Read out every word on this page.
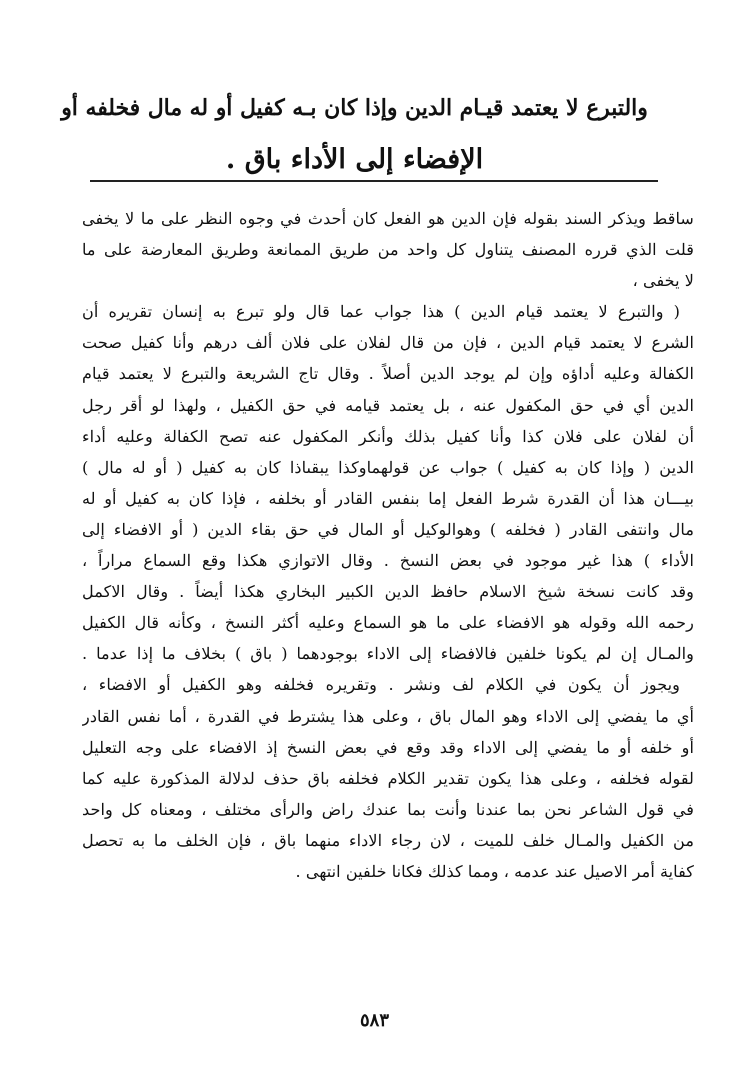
والتبرع لا يعتمد قيـام الدين وإذا كان بـه كفيل أو له مال فخلفه أو
الإفضاء إلى الأداء باق .
ساقط ويذكر السند بقوله فإن الدين هو الفعل كان أحدث في وجوه النظر على ما لا يخفى
قلت الذي قرره المصنف يتناول كل واحد من طريق الممانعة وطريق المعارضة على ما
لا يخفى ،
( والتبرع لا يعتمد قيام الدين ) هذا جواب عما قال ولو تبرع به إنسان تقريره أن
الشرع لا يعتمد قيام الدين ، فإن من قال لفلان على فلان ألف درهم وأنا كفيل صحت
الكفالة وعليه أداؤه وإن لم يوجد الدين أصلاً . وقال تاج الشريعة والتبرع لا يعتمد قيام
الدين أي في حق المكفول عنه ، بل يعتمد قيامه في حق الكفيل ، ولهذا لو أقر رجل
أن لفلان على فلان كذا وأنا كفيل بذلك وأنكر المكفول عنه تصح الكفالة وعليه أداء
الدين ( وإذا كان به كفيل ) جواب عن قولهماوكذا يبقىاذا كان به كفيل ( أو له مال )
بيـــان هذا أن القدرة شرط الفعل إما بنفس القادر أو بخلفه ، فإذا كان به كفيل أو له
مال وانتفى القادر ( فخلفه ) وهوالوكيل أو المال في حق بقاء الدين ( أو الافضاء إلى
الأداء ) هذا غير موجود في بعض النسخ . وقال الاتوازي هكذا وقع السماع مراراً ،
وقد كانت نسخة شيخ الاسلام حافظ الدين الكبير البخاري هكذا أيضاً . وقال الاكمل
رحمه الله وقوله هو الافضاء على ما هو السماع وعليه أكثر النسخ ، وكأنه قال الكفيل
والمـال إن لم يكونا خلفين فالافضاء إلى الاداء بوجودهما ( باق ) بخلاف ما إذا عدما .
ويجوز أن يكون في الكلام لف ونشر . وتقريره فخلفه وهو الكفيل أو الافضاء ،
أي ما يفضي إلى الاداء وهو المال باق ، وعلى هذا يشترط في القدرة ، أما نفس القادر
أو خلفه أو ما يفضي إلى الاداء وقد وقع في بعض النسخ إذ الافضاء على وجه التعليل
لقوله فخلفه ، وعلى هذا يكون تقدير الكلام فخلفه باق حذف لدلالة المذكورة عليه كما
في قول الشاعر نحن بما عندنا وأنت بما عندك راض والرأى مختلف ، ومعناه كل واحد
من الكفيل والمـال خلف للميت ، لان رجاء الاداء منهما باق ، فإن الخلف ما به تحصل
كفاية أمر الاصيل عند عدمه ، ومما كذلك فكانا خلفين انتهى .
٥٨٣
